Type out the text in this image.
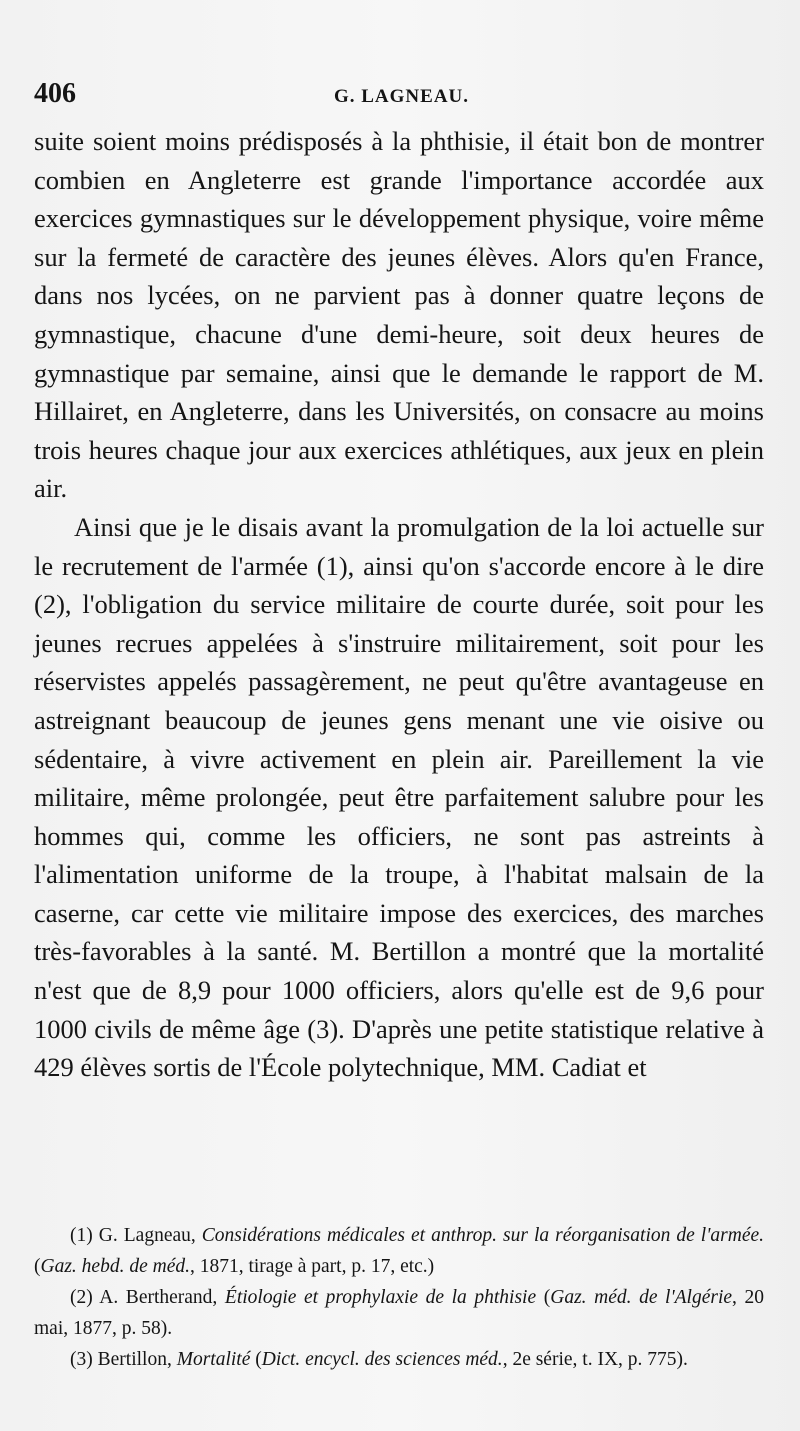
406	G. LAGNEAU.

suite soient moins prédisposés à la phthisie, il était bon de montrer combien en Angleterre est grande l'importance accordée aux exercices gymnastiques sur le développement physique, voire même sur la fermeté de caractère des jeunes élèves. Alors qu'en France, dans nos lycées, on ne parvient pas à donner quatre leçons de gymnastique, chacune d'une demi-heure, soit deux heures de gymnastique par semaine, ainsi que le demande le rapport de M. Hillairet, en Angleterre, dans les Universités, on consacre au moins trois heures chaque jour aux exercices athlétiques, aux jeux en plein air.

Ainsi que je le disais avant la promulgation de la loi actuelle sur le recrutement de l'armée (1), ainsi qu'on s'accorde encore à le dire (2), l'obligation du service militaire de courte durée, soit pour les jeunes recrues appelées à s'instruire militairement, soit pour les réservistes appelés passagèrement, ne peut qu'être avantageuse en astreignant beaucoup de jeunes gens menant une vie oisive ou sédentaire, à vivre activement en plein air. Pareillement la vie militaire, même prolongée, peut être parfaitement salubre pour les hommes qui, comme les officiers, ne sont pas astreints à l'alimentation uniforme de la troupe, à l'habitat malsain de la caserne, car cette vie militaire impose des exercices, des marches très-favorables à la santé. M. Bertillon a montré que la mortalité n'est que de 8,9 pour 1000 officiers, alors qu'elle est de 9,6 pour 1000 civils de même âge (3). D'après une petite statistique relative à 429 élèves sortis de l'École polytechnique, MM. Cadiat et

(1) G. Lagneau, Considérations médicales et anthrop. sur la réorganisation de l'armée. (Gaz. hebd. de méd., 1871, tirage à part, p. 17, etc.)

(2) A. Bertherand, Étiologie et prophylaxie de la phthisie (Gaz. méd. de l'Algérie, 20 mai, 1877, p. 58).

(3) Bertillon, Mortalité (Dict. encycl. des sciences méd., 2e série, t. IX, p. 775).
